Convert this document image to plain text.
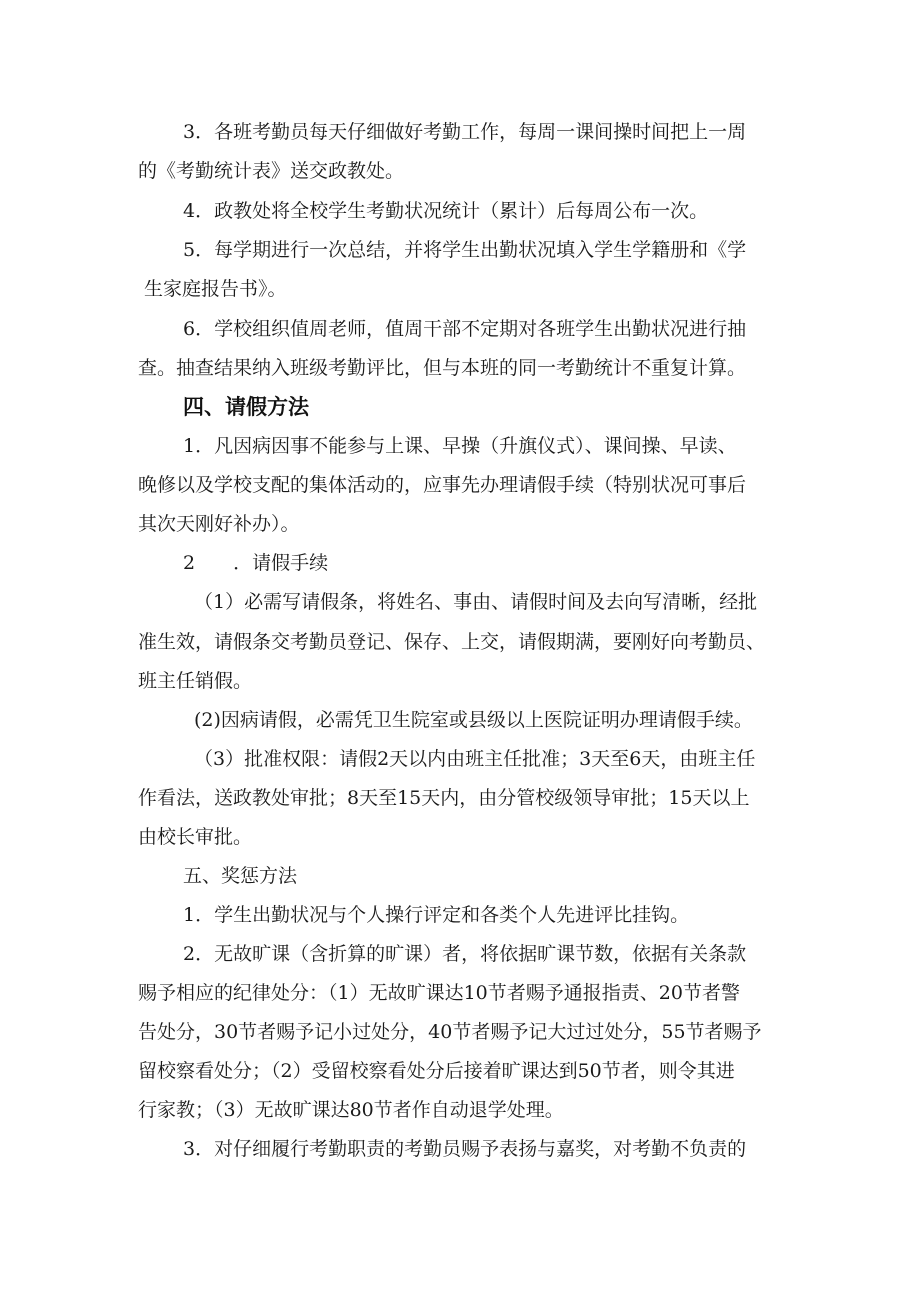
3．各班考勤员每天仔细做好考勤工作，每周一课间操时间把上一周
的《考勤统计表》送交政教处。
4．政教处将全校学生考勤状况统计（累计）后每周公布一次。
5．每学期进行一次总结，并将学生出勤状况填入学生学籍册和《学
生家庭报告书》。
6．学校组织值周老师，值周干部不定期对各班学生出勤状况进行抽
查。抽查结果纳入班级考勤评比，但与本班的同一考勤统计不重复计算。
四、请假方法
1．凡因病因事不能参与上课、早操（升旗仪式）、课间操、早读、
晚修以及学校支配的集体活动的，应事先办理请假手续（特别状况可事后
其次天刚好补办）。
2　　．请假手续
（1）必需写请假条，将姓名、事由、请假时间及去向写清晰，经批
准生效，请假条交考勤员登记、保存、上交，请假期满，要刚好向考勤员、
班主任销假。
(2)因病请假，必需凭卫生院室或县级以上医院证明办理请假手续。
（3）批准权限：请假2天以内由班主任批准；3天至6天，由班主任
作看法，送政教处审批；8天至15天内，由分管校级领导审批；15天以上
由校长审批。
五、奖惩方法
1．学生出勤状况与个人操行评定和各类个人先进评比挂钩。
2．无故旷课（含折算的旷课）者，将依据旷课节数，依据有关条款
赐予相应的纪律处分：（1）无故旷课达10节者赐予通报指责、20节者警
告处分，30节者赐予记小过处分，40节者赐予记大过过处分，55节者赐予
留校察看处分；（2）受留校察看处分后接着旷课达到50节者，则令其进
行家教；（3）无故旷课达80节者作自动退学处理。
3．对仔细履行考勤职责的考勤员赐予表扬与嘉奖，对考勤不负责的
